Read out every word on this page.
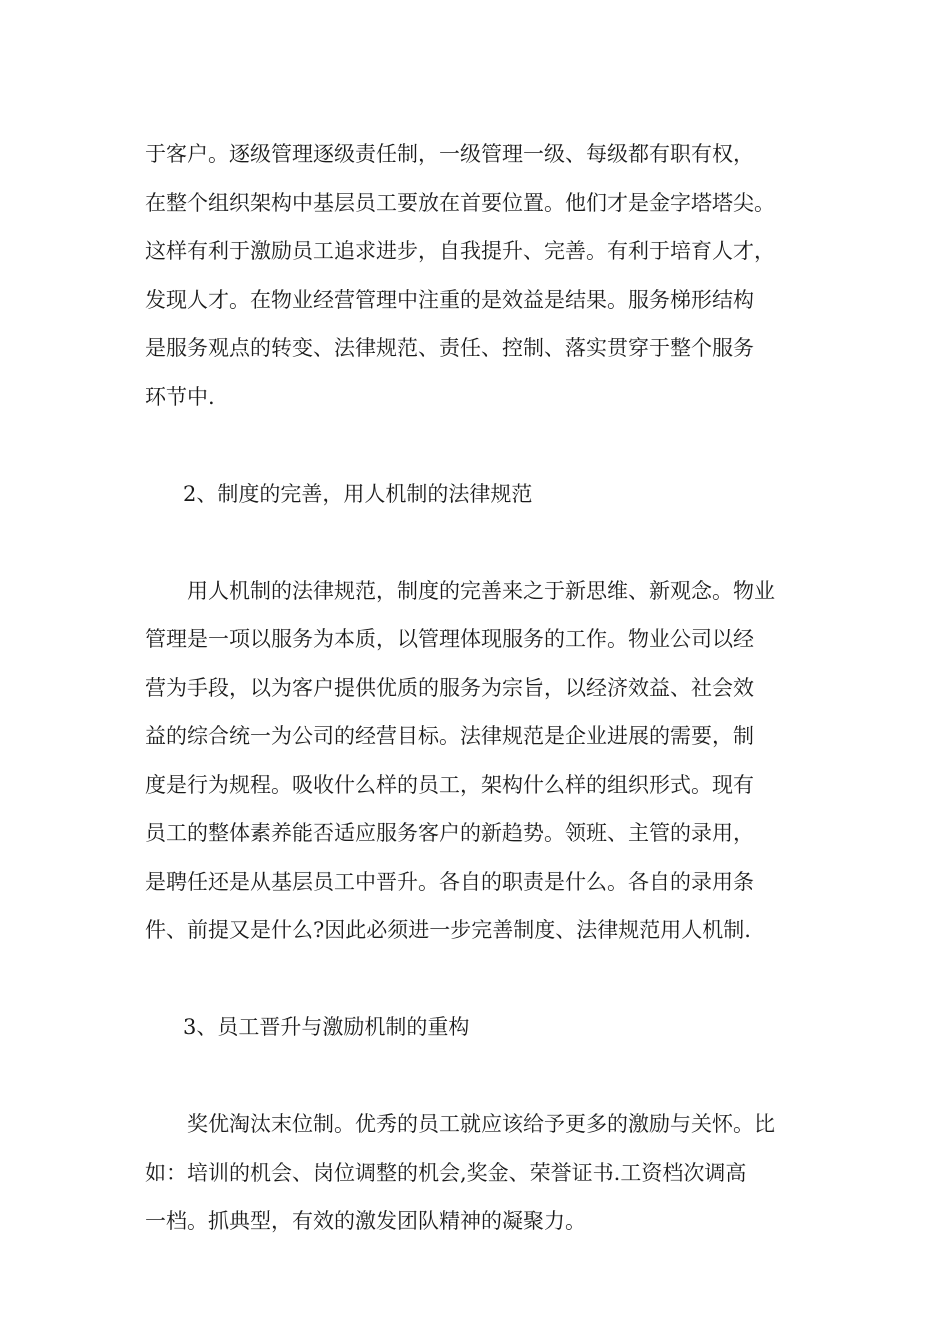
于客户。逐级管理逐级责任制，一级管理一级、每级都有职有权，
在整个组织架构中基层员工要放在首要位置。他们才是金字塔塔尖。
这样有利于激励员工追求进步，自我提升、完善。有利于培育人才，
发现人才。在物业经营管理中注重的是效益是结果。服务梯形结构
是服务观点的转变、法律规范、责任、控制、落实贯穿于整个服务
环节中.
2、制度的完善，用人机制的法律规范
　　用人机制的法律规范，制度的完善来之于新思维、新观念。物业
管理是一项以服务为本质，以管理体现服务的工作。物业公司以经
营为手段，以为客户提供优质的服务为宗旨，以经济效益、社会效
益的综合统一为公司的经营目标。法律规范是企业进展的需要，制
度是行为规程。吸收什么样的员工，架构什么样的组织形式。现有
员工的整体素养能否适应服务客户的新趋势。领班、主管的录用，
是聘任还是从基层员工中晋升。各自的职责是什么。各自的录用条
件、前提又是什么?因此必须进一步完善制度、法律规范用人机制.
3、员工晋升与激励机制的重构
　　奖优淘汰末位制。优秀的员工就应该给予更多的激励与关怀。比
如：培训的机会、岗位调整的机会,奖金、荣誉证书.工资档次调高
一档。抓典型，有效的激发团队精神的凝聚力。
